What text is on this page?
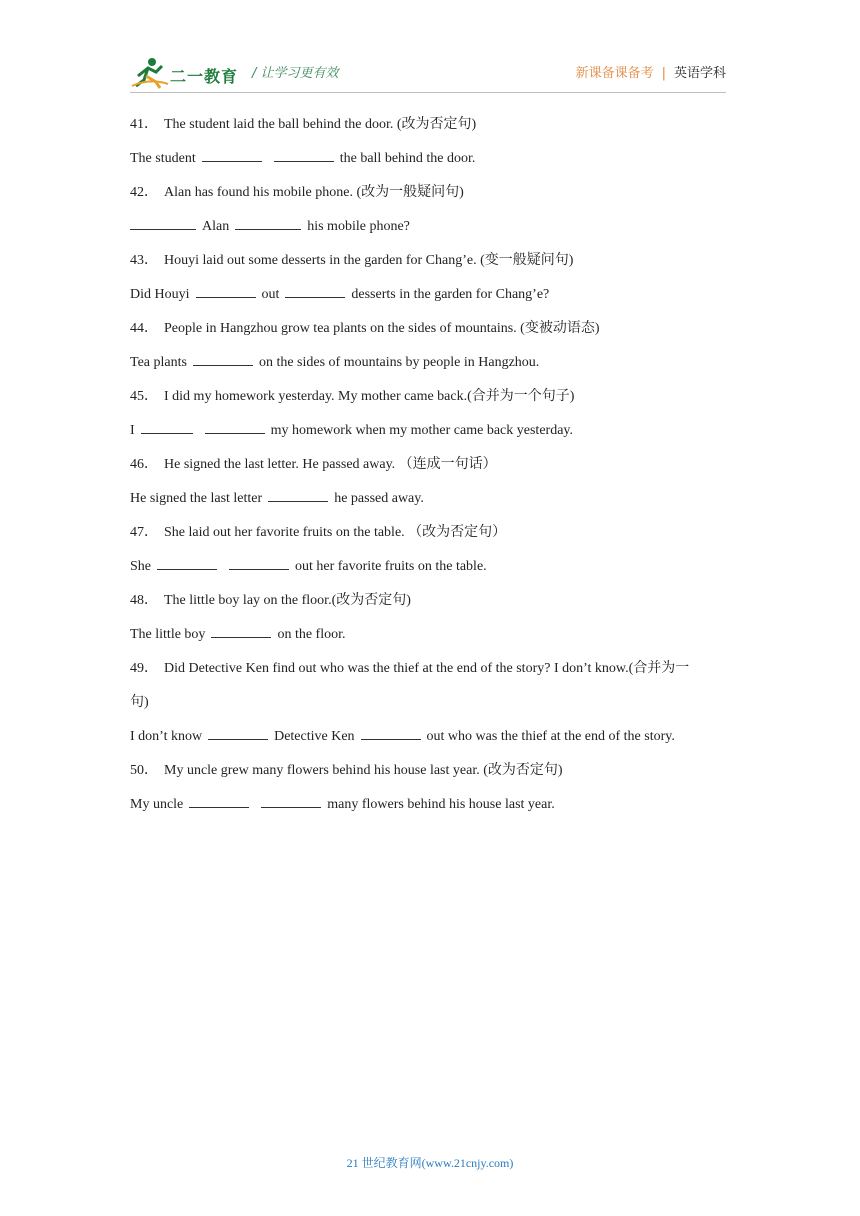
二一教育 / 让学习更有效	新课备课备考 | 英语学科
41． The student laid the ball behind the door. (改为否定句)
The student	the ball behind the door.
42． Alan has found his mobile phone. (改为一般疑问句)
Alan	his mobile phone?
43． Houyi laid out some desserts in the garden for Chang’e. (变一般疑问句)
Did Houyi	out	desserts in the garden for Chang’e?
44． People in Hangzhou grow tea plants on the sides of mountains. (变被动语态)
Tea plants	on the sides of mountains by people in Hangzhou.
45． I did my homework yesterday. My mother came back.(合并为一个句子)
I	my homework when my mother came back yesterday.
46． He signed the last letter. He passed away. （连成一句话）
He signed the last letter	he passed away.
47． She laid out her favorite fruits on the table. （改为否定句）
She	out her favorite fruits on the table.
48． The little boy lay on the floor.(改为否定句)
The little boy	on the floor.
49． Did Detective Ken find out who was the thief at the end of the story? I don’t know.(合并为一
句)
I don’t know	Detective Ken	out who was the thief at the end of the story.
50． My uncle grew many flowers behind his house last year. (改为否定句)
My uncle	many flowers behind his house last year.
21 世纪教育网(www.21cnjy.com)
